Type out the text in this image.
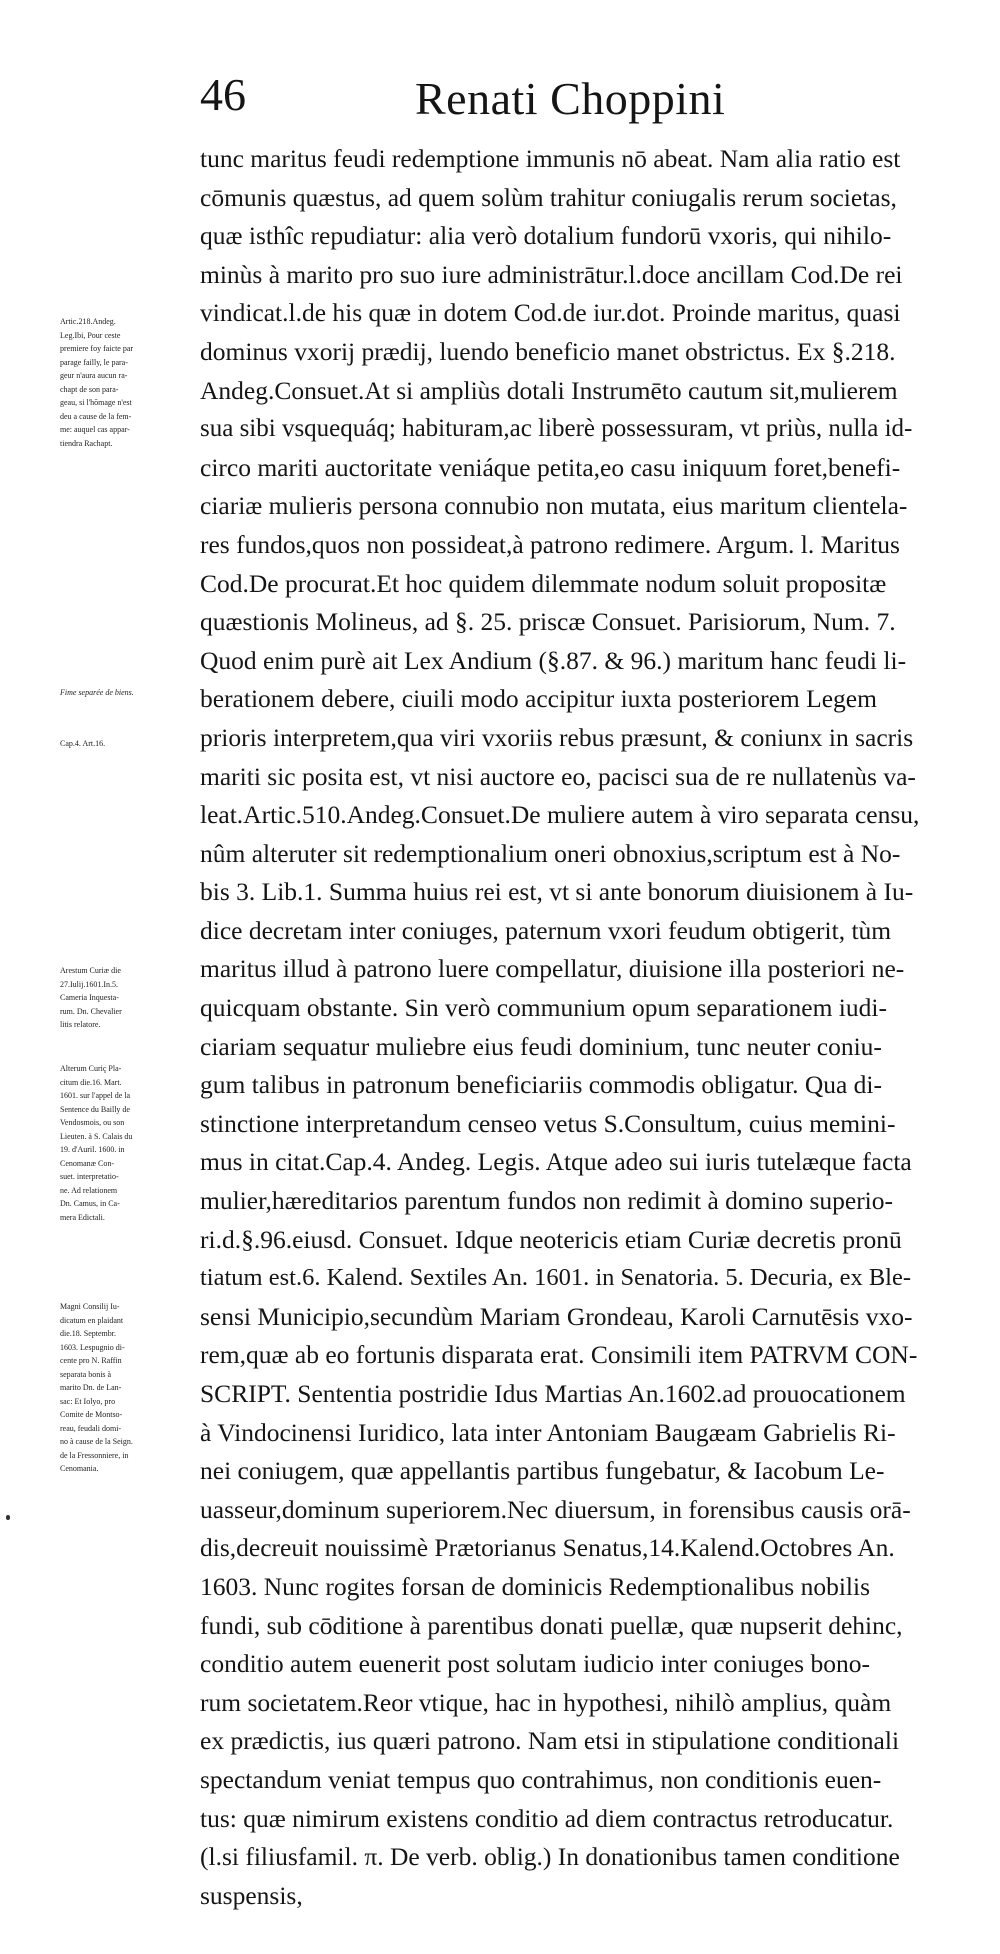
46	Renati Choppini
tunc maritus feudi redemptione immunis nō abeat. Nam alia ratio est
cōmunis quæstus, ad quem solùm trahitur coniugalis rerum societas,
quæ isthîc repudiatur: alia verò dotalium fundorū vxoris, qui nihilo-
minùs à marito pro suo iure administrātur.l.doce ancillam Cod.De rei
vindicat.l.de his quæ in dotem Cod.de iur.dot. Proinde maritus, quasi
dominus vxorij prædij, luendo beneficio manet obstrictus. Ex §.218.
Andeg.Consuet.At si ampliùs dotali Instrumēto cautum sit,mulierem
sua sibi vsquequáq; habituram,ac liberè possessuram, vt priùs, nulla id-
circo mariti auctoritate veniáque petita,eo casu iniquum foret,benefi-
ciariæ mulieris persona connubio non mutata, eius maritum clientela-
res fundos,quos non possideat,à patrono redimere. Argum. l. Maritus
Cod.De procurat.Et hoc quidem dilemmate nodum soluit propositæ
quæstionis Molineus, ad §. 25. priscæ Consuet. Parisiorum, Num. 7.
Quod enim purè ait Lex Andium (§.87. & 96.) maritum hanc feudi li-
berationem debere, ciuili modo accipitur iuxta posteriorem Legem
prioris interpretem,qua viri vxoriis rebus præsunt, & coniunx in sacris
mariti sic posita est, vt nisi auctore eo, pacisci sua de re nullatenùs va-
leat.Artic.510.Andeg.Consuet.De muliere autem à viro separata censu,
nûm alteruter sit redemptionalium oneri obnoxius,scriptum est à No-
bis 3. Lib.1. Summa huius rei est, vt si ante bonorum diuisionem à Iu-
dice decretam inter coniuges, paternum vxori feudum obtigerit, tùm
maritus illud à patrono luere compellatur, diuisione illa posteriori ne-
quicquam obstante. Sin verò communium opum separationem iudi-
ciariam sequatur muliebre eius feudi dominium, tunc neuter coniu-
gum talibus in patronum beneficiariis commodis obligatur. Qua di-
stinctione interpretandum censeo vetus S.Consultum, cuius memini-
mus in citat.Cap.4. Andeg. Legis. Atque adeo sui iuris tutelæque facta
mulier,hæreditarios parentum fundos non redimit à domino superio-
ri.d.§.96.eiusd. Consuet. Idque neotericis etiam Curiæ decretis pronū
tiatum est.6. Kalend. Sextiles An. 1601. in Senatoria. 5. Decuria, ex Ble-
sensi Municipio,secundùm Mariam Grondeau, Karoli Carnutēsis vxo-
rem,quæ ab eo fortunis disparata erat. Consimili item PATRVM CON-
SCRIPT. Sententia postridie Idus Martias An.1602.ad prouocationem
à Vindocinensi Iuridico, lata inter Antoniam Baugæam Gabrielis Ri-
nei coniugem, quæ appellantis partibus fungebatur, & Iacobum Le-
uasseur,dominum superiorem.Nec diuersum, in forensibus causis orā-
dis,decreuit nouissimè Prætorianus Senatus,14.Kalend.Octobres An.
1603. Nunc rogites forsan de dominicis Redemptionalibus nobilis
fundi, sub cōditione à parentibus donati puellæ, quæ nupserit dehinc,
conditio autem euenerit post solutam iudicio inter coniuges bono-
rum societatem.Reor vtique, hac in hypothesi, nihilò amplius, quàm
ex prædictis, ius quæri patrono. Nam etsi in stipulatione conditionali
spectandum veniat tempus quo contrahimus, non conditionis euen-
tus: quæ nimirum existens conditio ad diem contractus retroducatur.
(l.si filiusfamil. π. De verb. oblig.) In donationibus tamen conditione
suspensis,
Artic.218.Andeg.
Leg.Ibi, Pour ceste
premiere foy faicte par
parage failly, le para-
geur n'aura aucun ra-
chapt de son para-
geau, si l'hōmage n'est
deu a cause de la fem-
me: auquel cas appar-
tiendra Rachapt.
Fime separée de biens.
Cap.4. Art.16.
Arestum Curiæ die
27.Iulij.1601.In.5.
Cameria Inquesta-
rum. Dn. Chevalier
litis relatore.
Alterum Curiç Pla-
citum die.16. Mart.
1601. sur l'appel de la
Sentence du Bailly de
Vendosmois, ou son
Lieuten. à S. Calais du
19. d'Auril. 1600. in
Cenomanæ Con-
suet. interpretatio-
ne. Ad relationem
Dn. Camus, in Ca-
mera Edictali.
Magni Consilij Iu-
dicatum en plaidant
die.18. Septembr.
1603. Lespugnio di-
cente pro N. Raffin
separata bonis à
marito Dn. de Lan-
sac: Et Iolyo, pro
Comite de Montso-
reau, feudali domi-
no à cause de la Seign.
de la Fressonniere, in
Cenomania.
